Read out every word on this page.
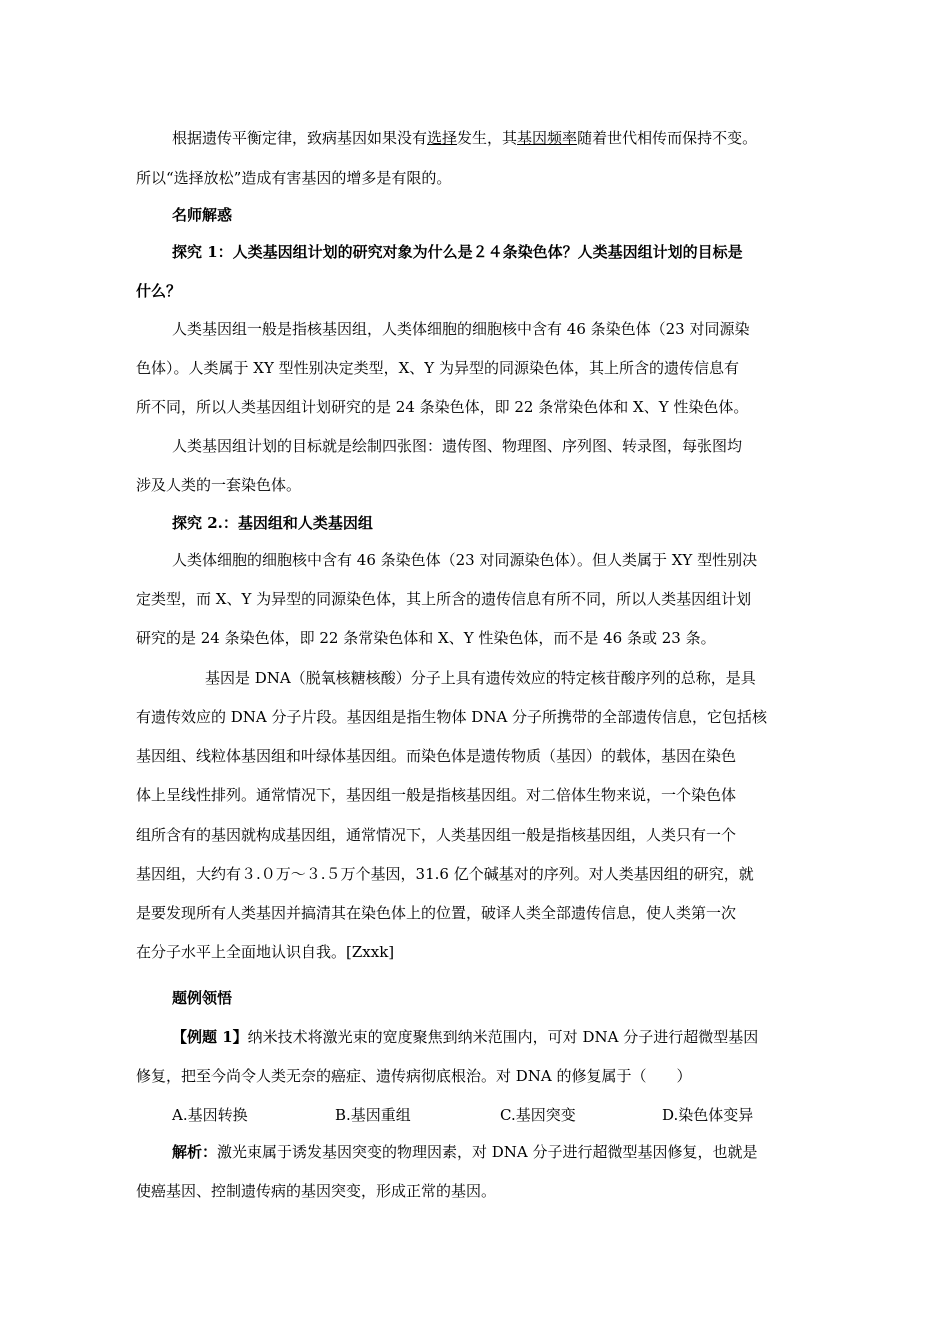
根据遗传平衡定律，致病基因如果没有选择发生，其基因频率随着世代相传而保持不变。
所以“选择放松”造成有害基因的增多是有限的。
名师解惑
探究 1：人类基因组计划的研究对象为什么是２４条染色体？人类基因组计划的目标是
什么？
人类基因组一般是指核基因组，人类体细胞的细胞核中含有 46 条染色体（23 对同源染
色体）。人类属于 XY 型性别决定类型，X、Y 为异型的同源染色体，其上所含的遗传信息有
所不同，所以人类基因组计划研究的是 24 条染色体，即 22 条常染色体和 X、Y 性染色体。
人类基因组计划的目标就是绘制四张图：遗传图、物理图、序列图、转录图，每张图均
涉及人类的一套染色体。
探究 2.：基因组和人类基因组
人类体细胞的细胞核中含有 46 条染色体（23 对同源染色体）。但人类属于 XY 型性别决
定类型，而 X、Y 为异型的同源染色体，其上所含的遗传信息有所不同，所以人类基因组计划
研究的是 24 条染色体，即 22 条常染色体和 X、Y 性染色体，而不是 46 条或 23 条。
基因是 DNA（脱氧核糖核酸）分子上具有遗传效应的特定核苷酸序列的总称，是具
有遗传效应的 DNA 分子片段。基因组是指生物体 DNA 分子所携带的全部遗传信息，它包括核
基因组、线粒体基因组和叶绿体基因组。而染色体是遗传物质（基因）的载体，基因在染色
体上呈线性排列。通常情况下，基因组一般是指核基因组。对二倍体生物来说，一个染色体
组所含有的基因就构成基因组，通常情况下，人类基因组一般是指核基因组，人类只有一个
基因组，大约有３.０万～３.５万个基因，31.6 亿个碱基对的序列。对人类基因组的研究，就
是要发现所有人类基因并搞清其在染色体上的位置，破译人类全部遗传信息，使人类第一次
在分子水平上全面地认识自我。[Zxxk]
题例领悟
【例题 1】纳米技术将激光束的宽度聚焦到纳米范围内，可对 DNA 分子进行超微型基因
修复，把至今尚令人类无奈的癌症、遗传病彻底根治。对 DNA 的修复属于（　　）
A.基因转换	B.基因重组	C.基因突变	D.染色体变异
解析：激光束属于诱发基因突变的物理因素，对 DNA 分子进行超微型基因修复，也就是
使癌基因、控制遗传病的基因突变，形成正常的基因。
